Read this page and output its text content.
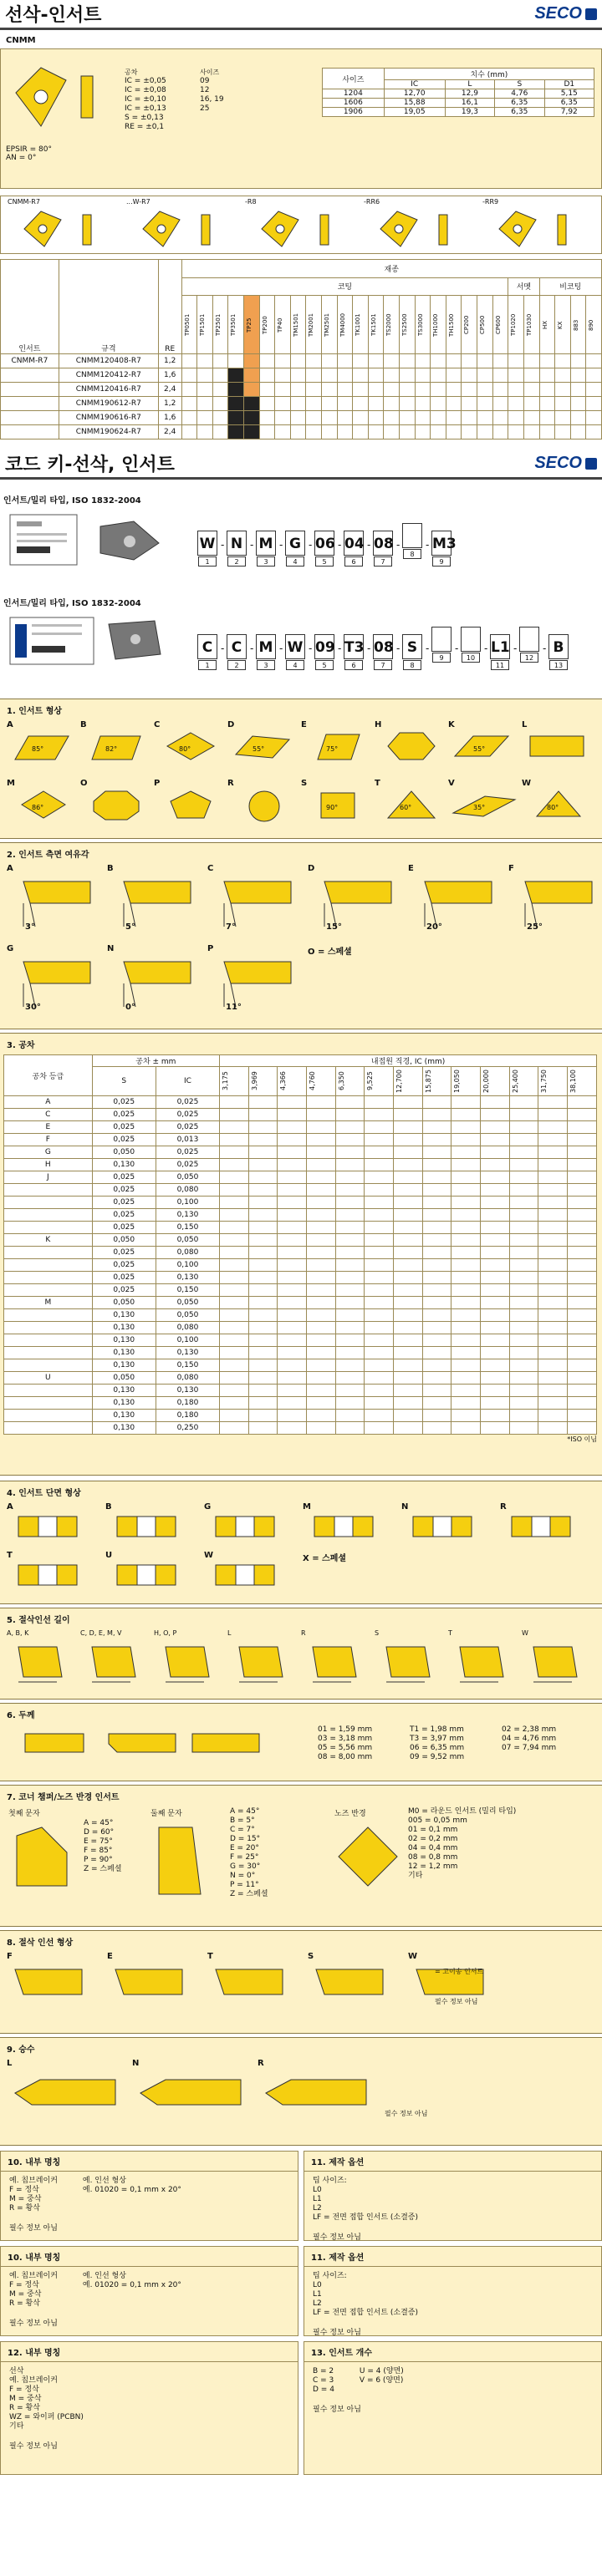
선삭-인서트	SECO
CNMM
EPSIR = 80°
AN = 0°
공차
IC = ±0,05
IC = ±0,08
IC = ±0,10
IC = ±0,13
S = ±0,13
RE = ±0,1
사이즈
09
12
16, 19
25
사이즈	치수 (mm)			
	IC	L	S	D1
1204	12,70	12,9	4,76	5,15
1606	15,88	16,1	6,35	6,35
1906	19,05	19,3	6,35	7,92
CNMM-R7	...W-R7	-R8	-RR6	-RR9
인서트	규격	RE	재종																										
			코팅																					서멧		비코팅			

			TP0501	TP1501	TP2501	TP3501	TP25	TP200	TP40	TM1501	TM2001	TM2501	TM4000	TK1001	TK1501	TS2000	TS2500	TS3000	TH1000	TH1500	CP200	CP500	CP600	TP1020	TP1030	HX	KX	883	890

CNMM-R7	CNMM120408-R7	1,2																											
	CNMM120412-R7	1,6																											
	CNMM120416-R7	2,4																											
	CNMM190612-R7	1,2																											
	CNMM190616-R7	1,6																											
	CNMM190624-R7	2,4																											
코드 키-선삭, 인서트	SECO
인서트/밀리 타입, ISO 1832-2004
W
1
- N
2
- M
3
- G
4
- 06
5
- 04
6
- 08
7
-
8
- M3
9
인서트/밀리 타입, ISO 1832-2004
C
1
- C
2
- M
3
- W
4
- 09
5
- T3
6
- 08
7
- S
8
-
9
-
10
- L1
11
-
12
- B
13
1. 인서트 형상
A
85°
B
82°
C
80°
D
55°
E
75°
H	K
55°
L
M
86°
O	P	R	S
90°
T
60°
V
35°
W
80°
2. 인서트 측면 여유각
A
3°
B
5°
C
7°
D
15°
E
20°
F
25°
G
30°
N
0°
P
11°
O = 스페셜
3. 공차
공차 등급	공차 ± mm		내접원 직경, IC (mm)												
	S	IC	3,175	3,969	4,366	4,760	6,350	9,525	12,700	15,875	19,050	20,000	25,400	31,750	38,100

A	0,025	0,025													
C	0,025	0,025													
E	0,025	0,025													
F	0,025	0,013													
G	0,050	0,025													
H	0,130	0,025													
J	0,025	0,050													
	0,025	0,080													
	0,025	0,100													
	0,025	0,130													
	0,025	0,150													
K	0,050	0,050													
	0,025	0,080													
	0,025	0,100													
	0,025	0,130													
	0,025	0,150													
M	0,050	0,050													
	0,130	0,050													
	0,130	0,080													
	0,130	0,100													
	0,130	0,130													
	0,130	0,150													
U	0,050	0,080													
	0,130	0,130													
	0,130	0,180													
	0,130	0,180													
	0,130	0,250													
*ISO 이님
4. 인서트 단면 형상
A	B	G	M	N	R
T	U	W	X = 스페셜
5. 절삭인선 길이
A, B, K	C, D, E, M, V	H, O, P	L	R	S	T	W
6. 두께
01 = 1,59 mm	T1 = 1,98 mm	02 = 2,38 mm
03 = 3,18 mm	T3 = 3,97 mm	04 = 4,76 mm
05 = 5,56 mm	06 = 6,35 mm	07 = 7,94 mm
08 = 8,00 mm	09 = 9,52 mm
7. 코너 챔퍼/노즈 반경 인서트
첫째 문자
A = 45°
D = 60°
E = 75°
F = 85°
P = 90°
Z = 스페셜
둘째 문자	A = 45°
B = 5°
C = 7°
D = 15°
E = 20°
F = 25°
G = 30°
N = 0°
P = 11°
Z = 스페셜
노즈 반경	M0 = 라운드 인서트 (밀리 타입)
005 = 0,05 mm
01 = 0,1 mm
02 = 0,2 mm
04 = 0,4 mm
08 = 0,8 mm
12 = 1,2 mm
기타
8. 절삭 인선 형상
F	E	T	S	W
= 고이송 인서트
필수 정보 아님
9. 승수
L	N	R
필수 정보 아님
10. 내부 명칭
예. 칩브레이커
F = 정삭
M = 중삭
R = 황삭
예. 인선 형상
예. 01020 = 0,1 mm x 20°
필수 정보 아님
11. 제작 옵션
팁 사이즈:
L0
L1
L2
LF = 전면 접합 인서트 (소결증)
필수 정보 아님
10. 내부 명칭
예. 칩브레이커
F = 정삭
M = 중삭
R = 황삭
예. 인선 형상
예. 01020 = 0,1 mm x 20°
필수 정보 아님
11. 제작 옵션
팁 사이즈:
L0
L1
L2
LF = 전면 접합 인서트 (소결증)
필수 정보 아님
12. 내부 명칭
선삭
예. 칩브레이커
F = 정삭
M = 중삭
R = 황삭
WZ = 와이퍼 (PCBN)
기타
필수 정보 아님
13. 인서트 개수
B = 2
C = 3
D = 4
U = 4 (양면)
V = 6 (양면)
필수 정보 아님
